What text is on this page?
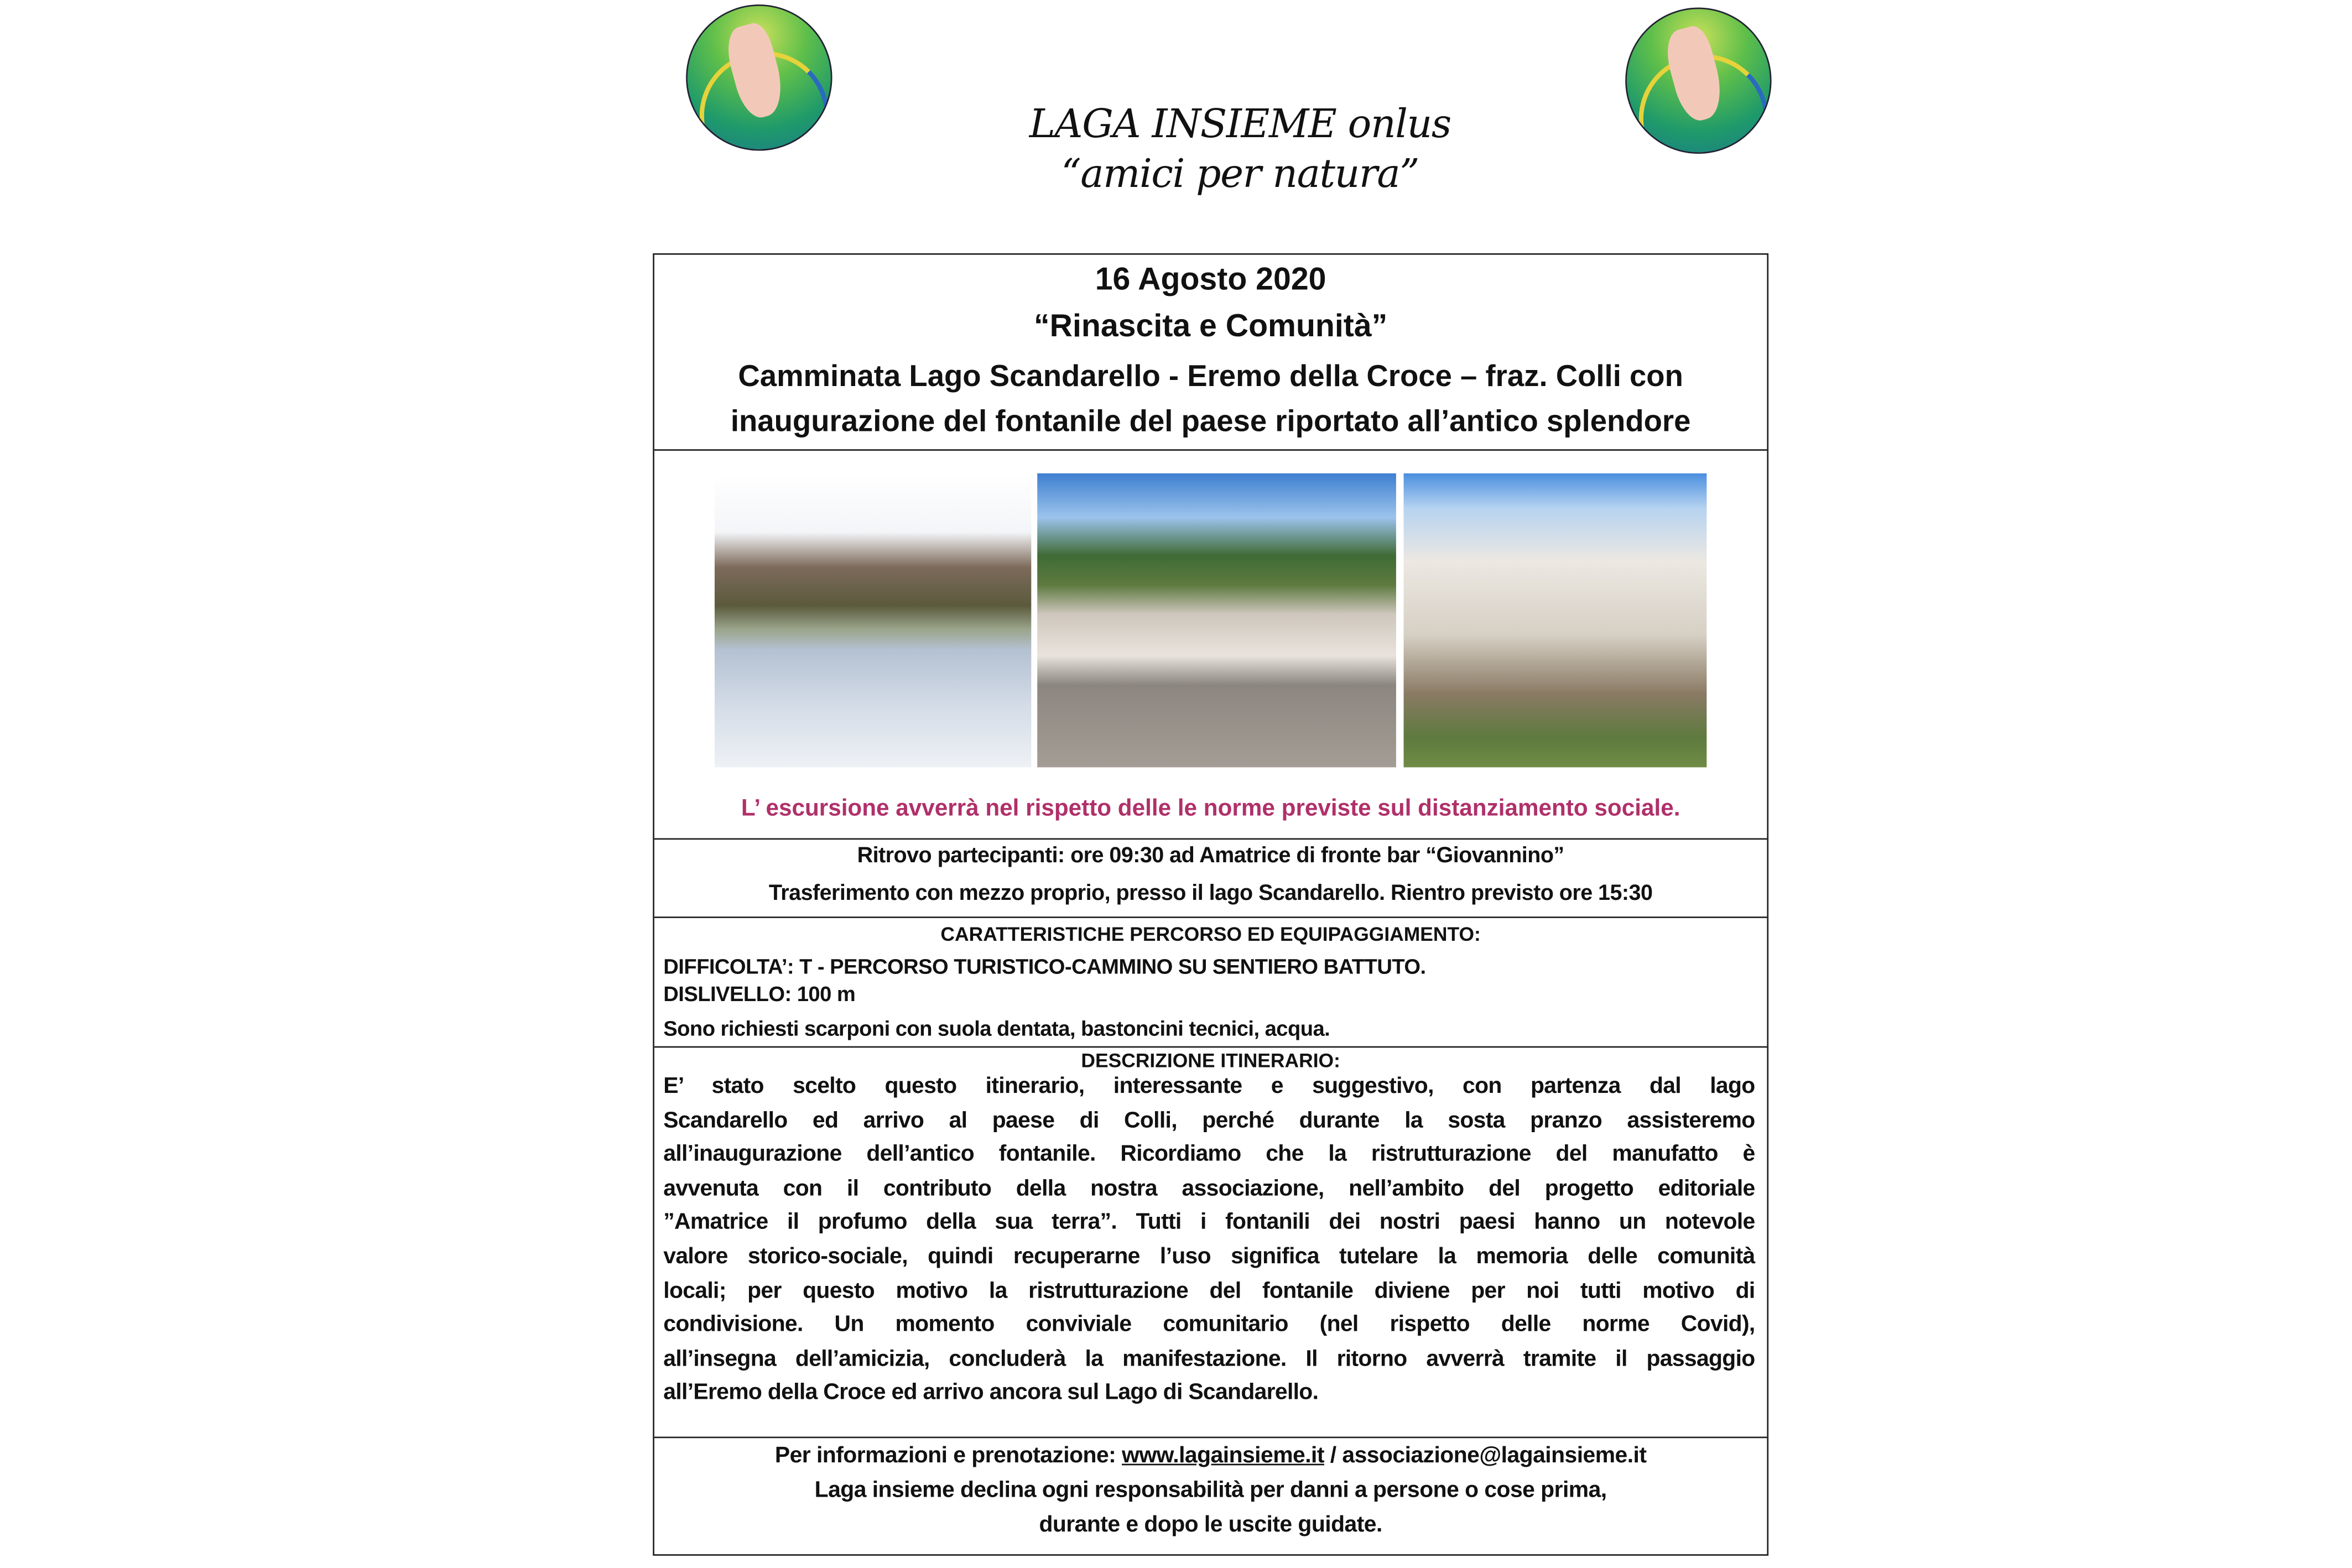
LAGA INSIEME onlus
“amici per natura”
16 Agosto 2020
“Rinascita e Comunità”
Camminata Lago Scandarello - Eremo della Croce – fraz. Colli con
inaugurazione del fontanile del paese riportato all’antico splendore
L’ escursione avverrà nel rispetto delle le norme previste sul distanziamento sociale.
Ritrovo partecipanti: ore 09:30 ad Amatrice di fronte bar “Giovannino”
Trasferimento con mezzo proprio, presso il lago Scandarello. Rientro previsto ore 15:30
CARATTERISTICHE PERCORSO ED EQUIPAGGIAMENTO:
DIFFICOLTA’: T - PERCORSO TURISTICO-CAMMINO SU SENTIERO BATTUTO.
DISLIVELLO: 100 m
Sono richiesti scarponi con suola dentata, bastoncini tecnici, acqua.
DESCRIZIONE ITINERARIO:
E’ stato scelto questo itinerario, interessante e suggestivo, con partenza dal lago
Scandarello ed arrivo al paese di Colli, perché durante la sosta pranzo assisteremo
all’inaugurazione dell’antico fontanile. Ricordiamo che la ristrutturazione del manufatto è
avvenuta con il contributo della nostra associazione, nell’ambito del progetto editoriale
”Amatrice il profumo della sua terra”. Tutti i fontanili dei nostri paesi hanno un notevole
valore storico-sociale, quindi recuperarne l’uso significa tutelare la memoria delle comunità
locali; per questo motivo la ristrutturazione del fontanile diviene per noi tutti motivo di
condivisione. Un momento conviviale comunitario (nel rispetto delle norme Covid),
all’insegna dell’amicizia, concluderà la manifestazione. Il ritorno avverrà tramite il passaggio
all’Eremo della Croce ed arrivo ancora sul Lago di Scandarello.
Per informazioni e prenotazione: www.lagainsieme.it / associazione@lagainsieme.it
Laga insieme declina ogni responsabilità per danni a persone o cose prima,
durante e dopo le uscite guidate.
